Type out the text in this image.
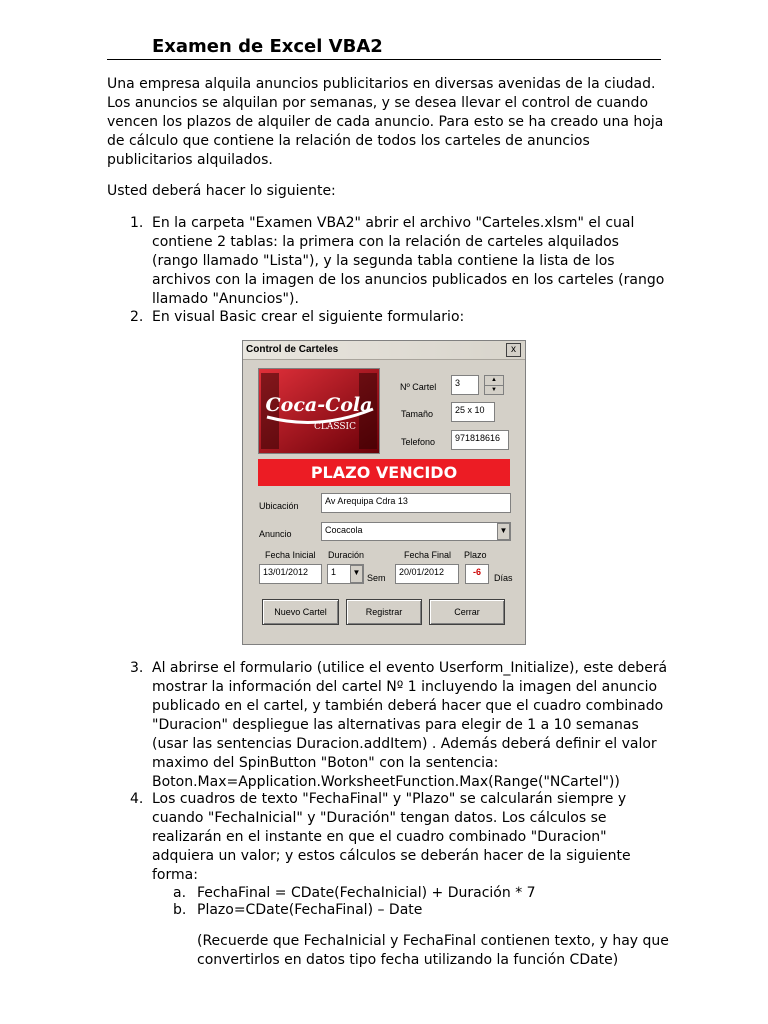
Examen de Excel VBA2
Una empresa alquila anuncios publicitarios en diversas avenidas de la ciudad.
Los anuncios se alquilan por semanas, y se desea llevar el control de cuando
vencen los plazos de alquiler de cada anuncio. Para esto se ha creado una hoja
de cálculo que contiene la relación de todos los carteles de anuncios
publicitarios alquilados.
Usted deberá hacer lo siguiente:
1. En la carpeta "Examen VBA2" abrir el archivo "Carteles.xlsm" el cual
contiene 2 tablas: la primera con la relación de carteles alquilados
(rango llamado "Lista"), y la segunda tabla contiene la lista de los
archivos con la imagen de los anuncios publicados en los carteles (rango
llamado "Anuncios").
2. En visual Basic crear el siguiente formulario:
Control de Carteles	x
Coca-Cola
CLASSIC
Nº Cartel	3	▲
▼
Tamaño	25 x 10
Telefono	971818616
PLAZO VENCIDO
Ubicación	Av Arequipa Cdra 13
Anuncio	Cocacola	▼
Fecha Inicial Duración	Fecha Final Plazo
13/01/2012	1	▼
Sem
20/01/2012	-6
Días
Nuevo Cartel	Registrar	Cerrar
3. Al abrirse el formulario (utilice el evento Userform_Initialize), este deberá
mostrar la información del cartel Nº 1 incluyendo la imagen del anuncio
publicado en el cartel, y también deberá hacer que el cuadro combinado
"Duracion" despliegue las alternativas para elegir de 1 a 10 semanas
(usar las sentencias Duracion.addItem) . Además deberá definir el valor
maximo del SpinButton "Boton" con la sentencia:
Boton.Max=Application.WorksheetFunction.Max(Range("NCartel"))
4. Los cuadros de texto "FechaFinal" y "Plazo" se calcularán siempre y
cuando "FechaInicial" y "Duración" tengan datos. Los cálculos se
realizarán en el instante en que el cuadro combinado "Duracion"
adquiera un valor; y estos cálculos se deberán hacer de la siguiente
forma:
a. FechaFinal = CDate(FechaInicial) + Duración * 7
b. Plazo=CDate(FechaFinal) – Date
(Recuerde que FechaInicial y FechaFinal contienen texto, y hay que
convertirlos en datos tipo fecha utilizando la función CDate)
